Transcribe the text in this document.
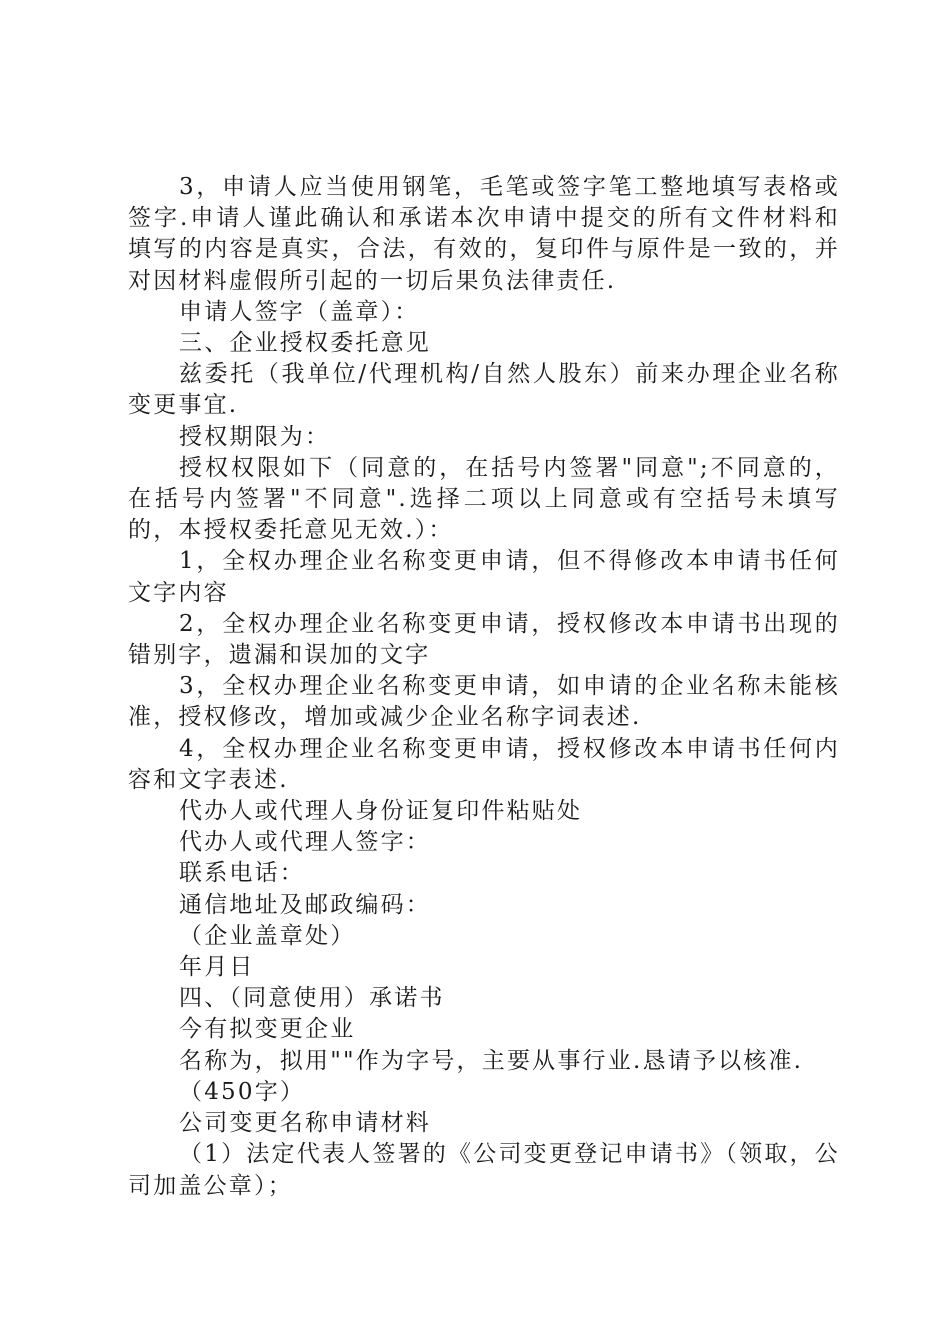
3，申请人应当使用钢笔，毛笔或签字笔工整地填写表格或签字.申请人谨此确认和承诺本次申请中提交的所有文件材料和填写的内容是真实，合法，有效的，复印件与原件是一致的，并对因材料虚假所引起的一切后果负法律责任.

申请人签字（盖章）：

三、企业授权委托意见

兹委托（我单位/代理机构/自然人股东）前来办理企业名称变更事宜.

授权期限为：

授权权限如下（同意的，在括号内签署"同意";不同意的，在括号内签署"不同意".选择二项以上同意或有空括号未填写的，本授权委托意见无效.）：

1，全权办理企业名称变更申请，但不得修改本申请书任何文字内容

2，全权办理企业名称变更申请，授权修改本申请书出现的错别字，遗漏和误加的文字

3，全权办理企业名称变更申请，如申请的企业名称未能核准，授权修改，增加或减少企业名称字词表述.

4，全权办理企业名称变更申请，授权修改本申请书任何内容和文字表述.

代办人或代理人身份证复印件粘贴处

代办人或代理人签字：

联系电话：

通信地址及邮政编码：

（企业盖章处）

年月日

四、（同意使用）承诺书

今有拟变更企业

名称为，拟用""作为字号，主要从事行业.恳请予以核准.

（450字）

公司变更名称申请材料

（1）法定代表人签署的《公司变更登记申请书》（领取，公司加盖公章）；
